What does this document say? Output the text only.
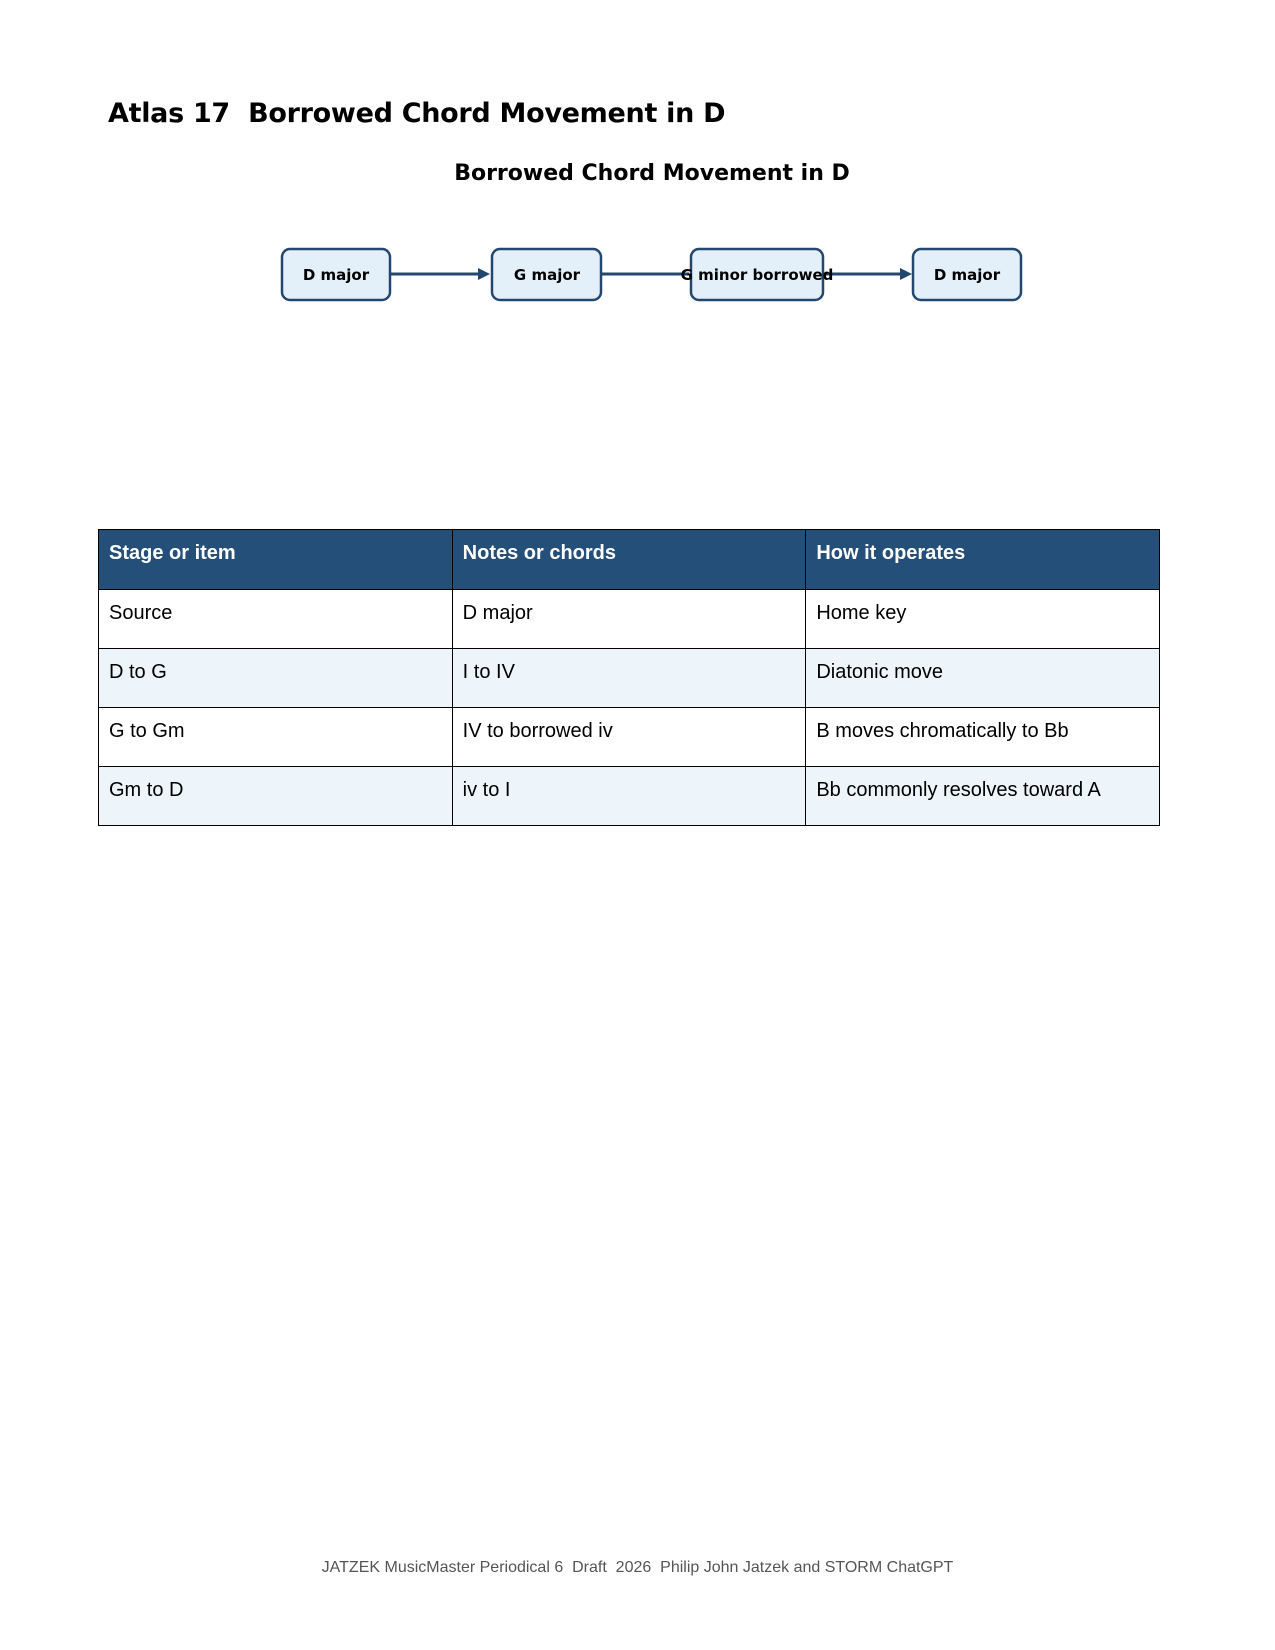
Atlas 17  Borrowed Chord Movement in D
Borrowed Chord Movement in D
D major	G major	G minor borrowed	D major
Stage or item	Notes or chords	How it operates
Source	D major	Home key
D to G	I to IV	Diatonic move
G to Gm	IV to borrowed iv	B moves chromatically to Bb
Gm to D	iv to I	Bb commonly resolves toward A
JATZEK MusicMaster Periodical 6  Draft  2026  Philip John Jatzek and STORM ChatGPT
